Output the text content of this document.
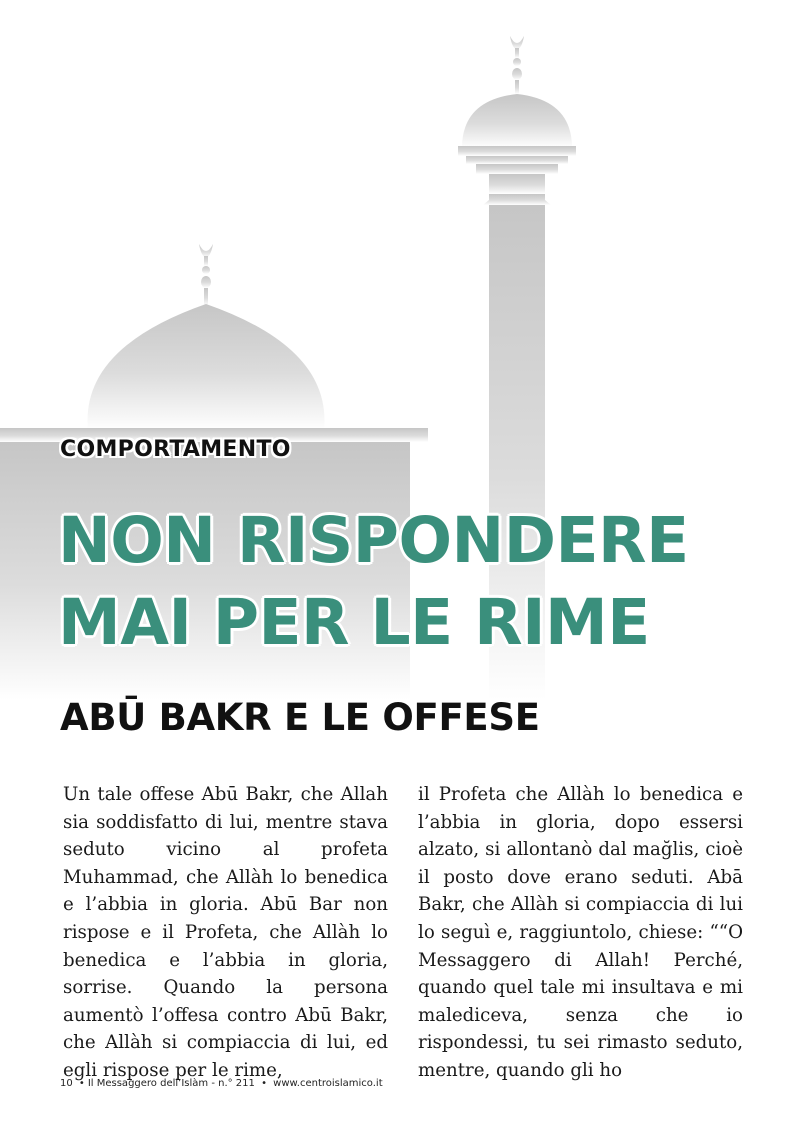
COMPORTAMENTO
NON RISPONDERE
MAI PER LE RIME
ABŪ BAKR E LE OFFESE
Un tale offese Abū Bakr, che Allah sia soddisfatto di lui, mentre stava seduto vicino al profeta Muhammad, che Allàh lo benedica e l’abbia in gloria. Abū Bar non rispose e il Profeta, che Allàh lo benedica e l’abbia in gloria, sorrise. Quando la persona aumentò l’offesa contro Abū Bakr, che Allàh si compiaccia di lui, ed egli rispose per le rime,
il Profeta che Allàh lo benedica e l’abbia in gloria, dopo essersi alzato, si allontanò dal mağlis, cioè il posto dove erano seduti. Abā Bakr, che Allàh si compiaccia di lui lo seguì e, raggiuntolo, chiese: ““O Messaggero di Allah! Perché, quando quel tale mi insultava e mi malediceva, senza che io rispondessi, tu sei rimasto seduto, mentre, quando gli ho
10 • Il Messaggero dell’Islàm - n.° 211 • www.centroislamico.it
